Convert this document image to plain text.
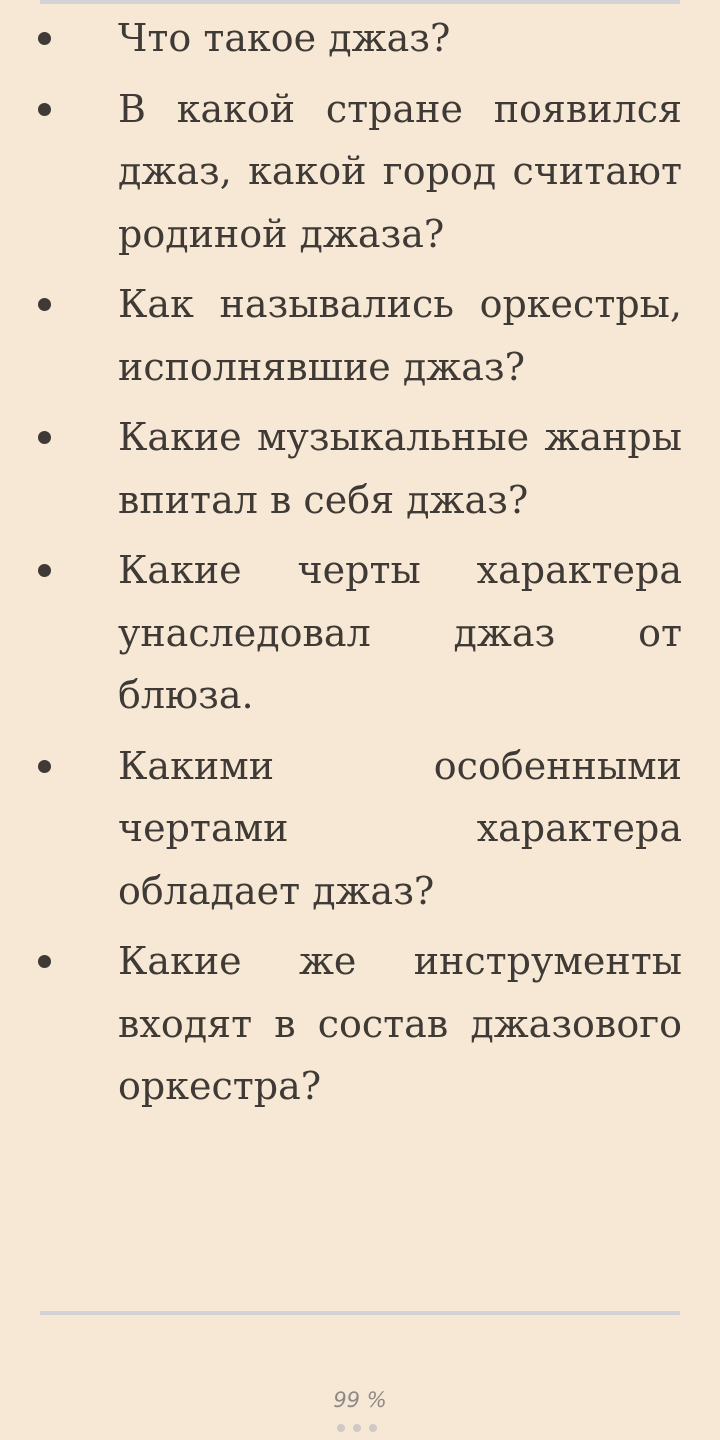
Что такое джаз?
В какой стране появился джаз, какой город считают родиной джаза?
Как назывались оркестры, исполнявшие джаз?
Какие музыкальные жанры впитал в себя джаз?
Какие черты характера унаследовал джаз от блюза.
Какими особенными чертами характера обладает джаз?
Какие же инструменты входят в состав джазового оркестра?
99 %
